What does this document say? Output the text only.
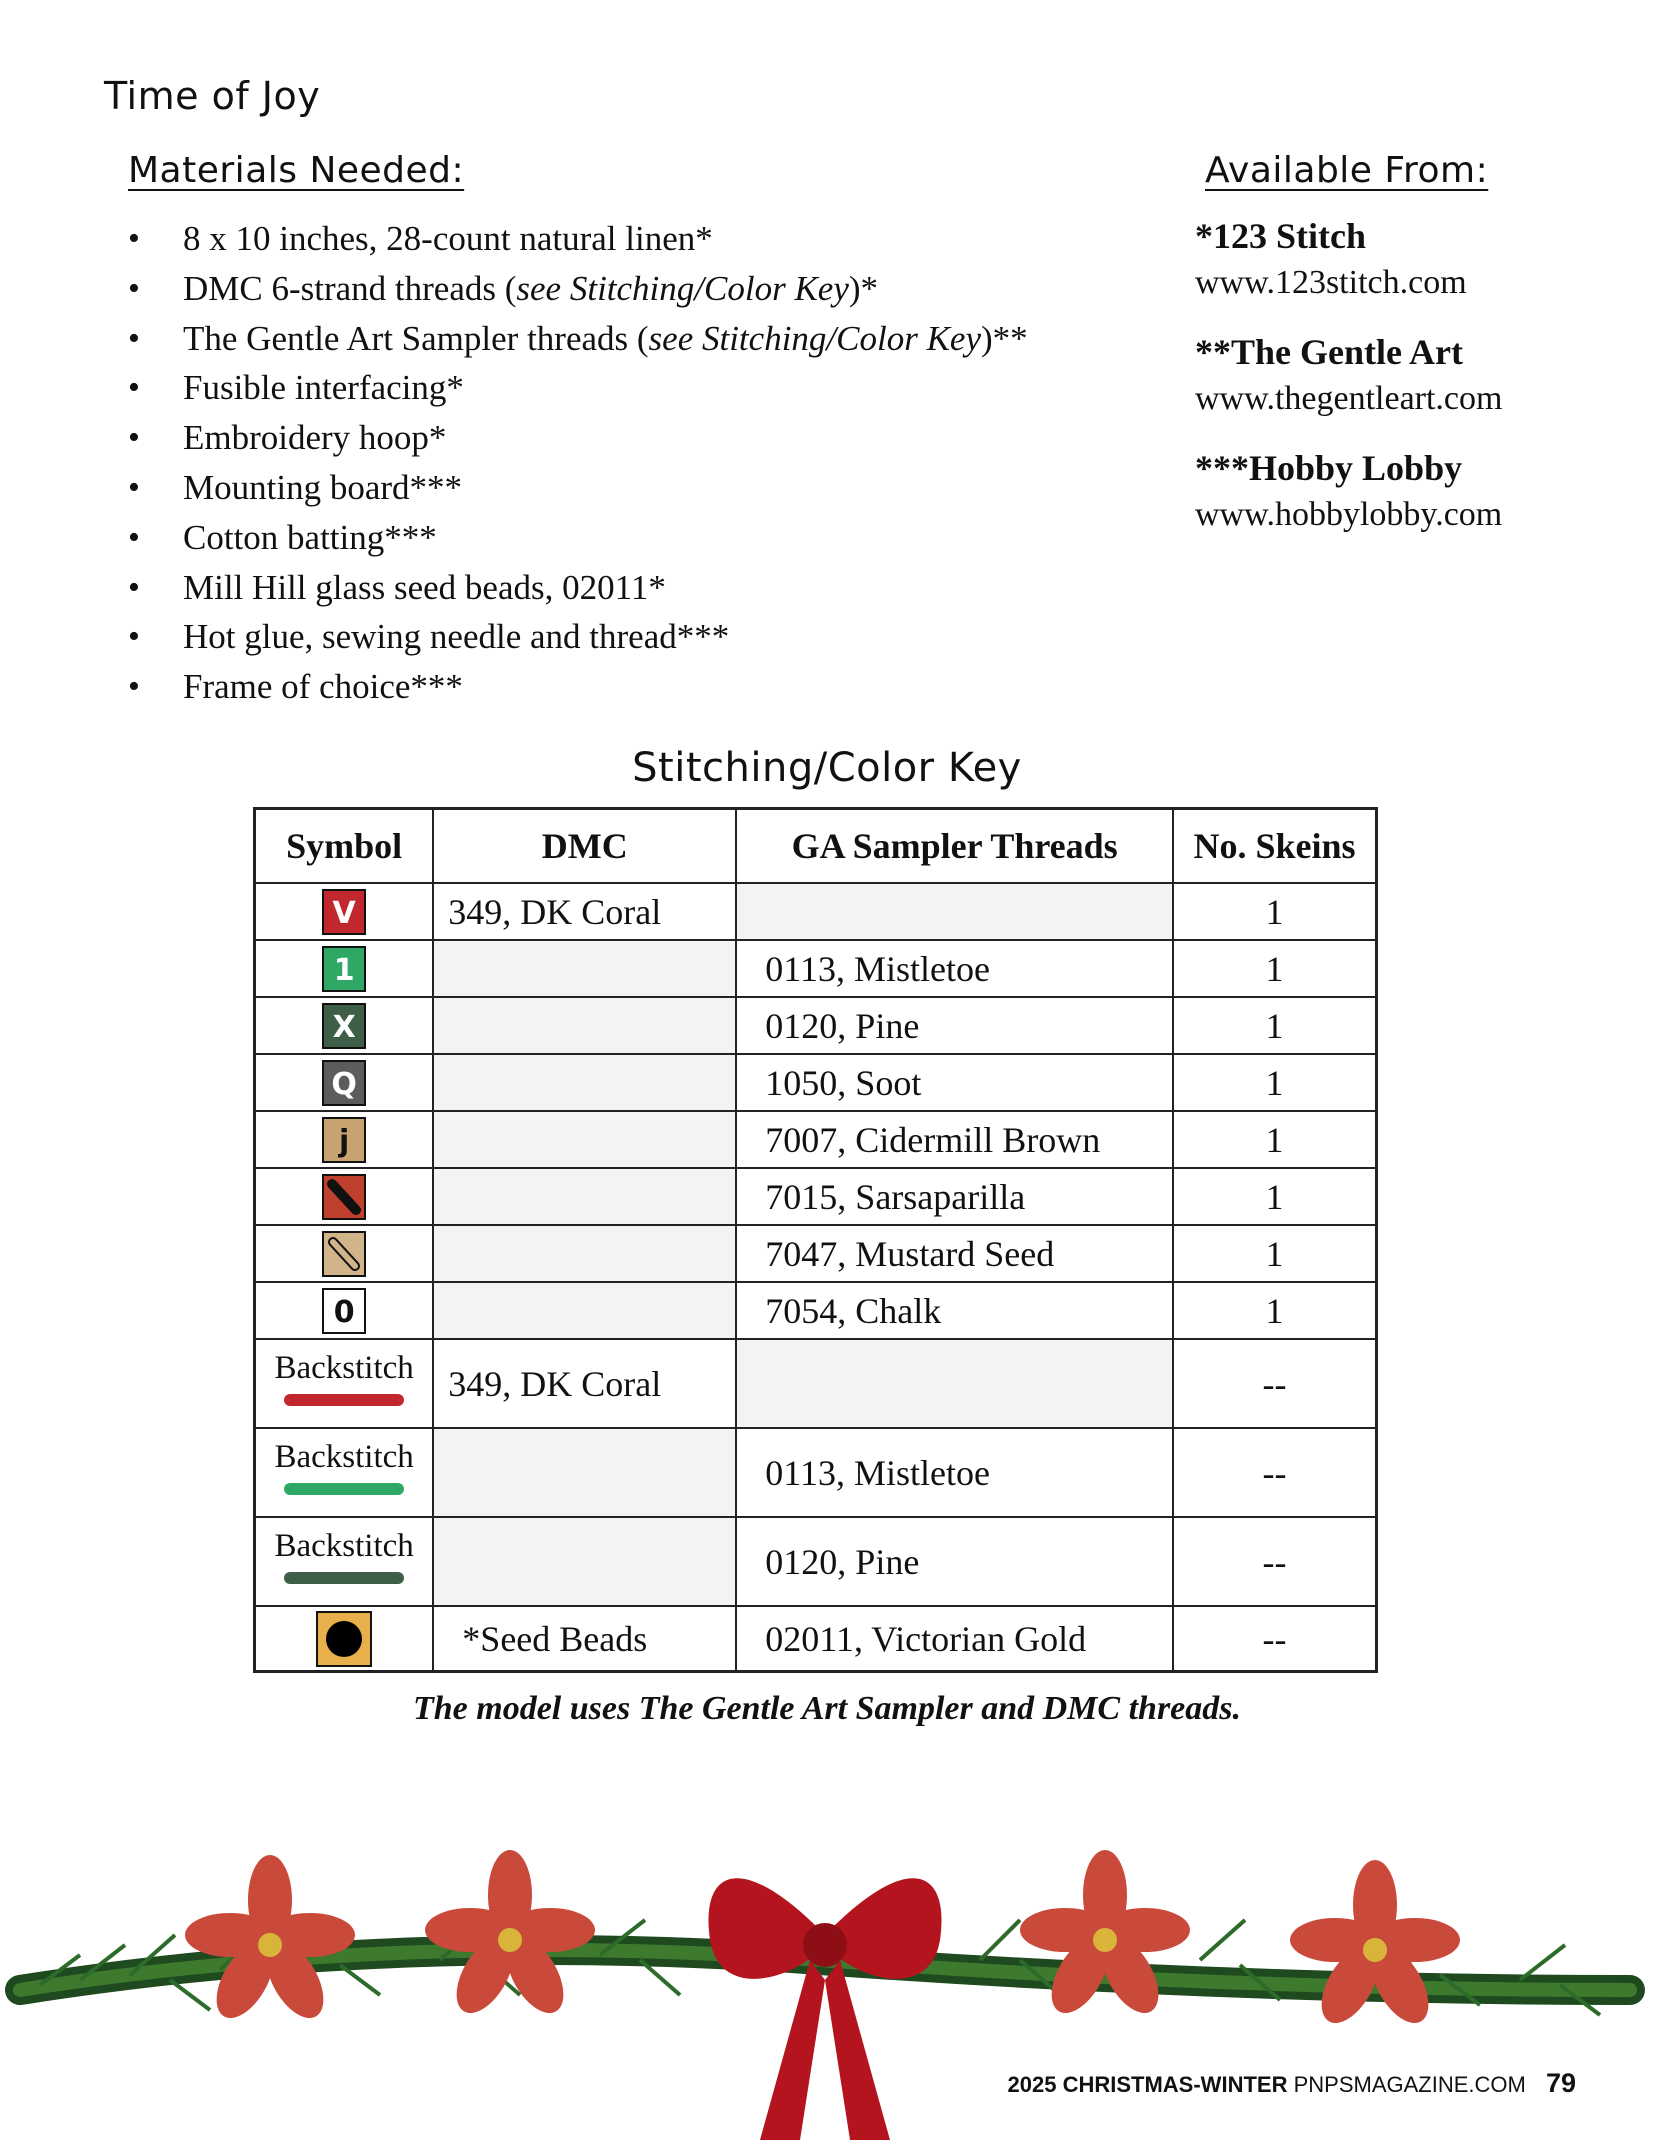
Time of Joy
Materials Needed:	Available From:
• 8 x 10 inches, 28-count natural linen*
• DMC 6-strand threads (see Stitching/Color Key)*
• The Gentle Art Sampler threads (see Stitching/Color Key)**
• Fusible interfacing*
• Embroidery hoop*
• Mounting board***
• Cotton batting***
• Mill Hill glass seed beads, 02011*
• Hot glue, sewing needle and thread***
• Frame of choice***
*123 Stitch
www.123stitch.com
**The Gentle Art
www.thegentleart.com
***Hobby Lobby
www.hobbylobby.com
Stitching/Color Key
Symbol	DMC	GA Sampler Threads	No. Skeins
V	349, DK Coral		1
1		0113, Mistletoe	1
X		0120, Pine	1
Q		1050, Soot	1
j		7007, Cidermill Brown	1

		7015, Sarsaparilla	1

		7047, Mustard Seed	1
0		7054, Chalk	1

Backstitch	349, DK Coral		--

Backstitch		0113, Mistletoe	--

Backstitch		0120, Pine	--

	*Seed Beads	02011, Victorian Gold	--
The model uses The Gentle Art Sampler and DMC threads.
2025 CHRISTMAS-WINTER PNPSMAGAZINE.COM 79
